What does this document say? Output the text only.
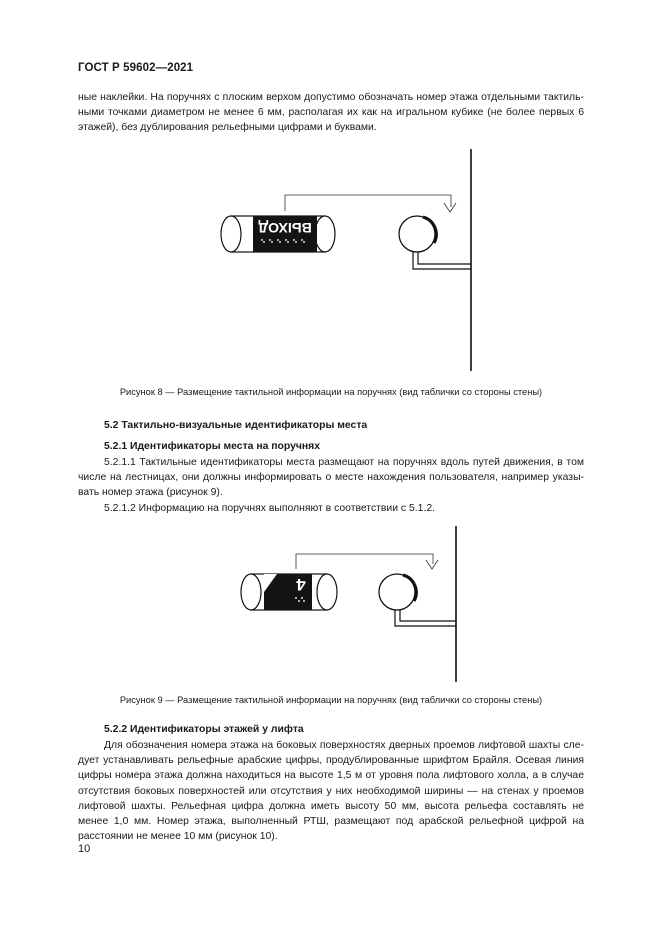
ГОСТ Р 59602—2021

ные наклейки. На поручнях с плоским верхом допустимо обозначать номер этажа отдельными тактильными точками диаметром не менее 6 мм, располагая их как на игральном кубике (не более первых 6 этажей), без дублирования рельефными цифрами и буквами.

ВЫХОД
Рисунок 8 — Размещение тактильной информации на поручнях (вид таблички со стороны стены)
5.2 Тактильно-визуальные идентификаторы места
5.2.1 Идентификаторы места на поручнях

5.2.1.1 Тактильные идентификаторы места размещают на поручнях вдоль путей движения, в том числе на лестницах, они должны информировать о месте нахождения пользователя, например указывать номер этажа (рисунок 9).

5.2.1.2 Информацию на поручнях выполняют в соответствии с 5.1.2.

4
Рисунок 9 — Размещение тактильной информации на поручнях (вид таблички со стороны стены)
5.2.2 Идентификаторы этажей у лифта

Для обозначения номера этажа на боковых поверхностях дверных проемов лифтовой шахты следует устанавливать рельефные арабские цифры, продублированные шрифтом Брайля. Осевая линия цифры номера этажа должна находиться на высоте 1,5 м от уровня пола лифтового холла, а в случае отсутствия боковых поверхностей или отсутствия у них необходимой ширины — на стенах у проемов лифтовой шахты. Рельефная цифра должна иметь высоту 50 мм, высота рельефа составлять не менее 1,0 мм. Номер этажа, выполненный РТШ, размещают под арабской рельефной цифрой на расстоянии не менее 10 мм (рисунок 10).

10
